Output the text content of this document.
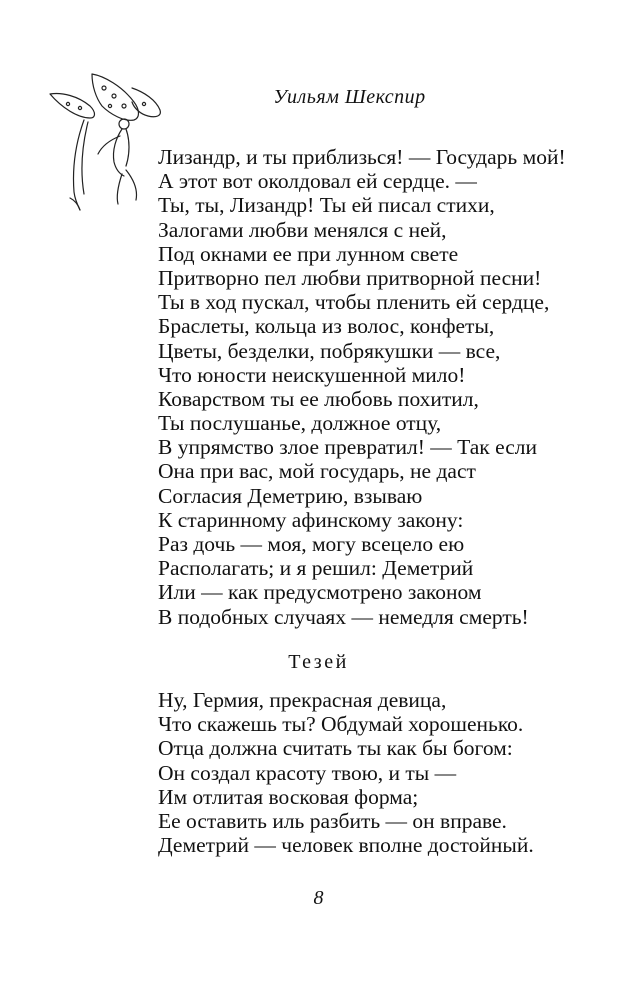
Уильям Шекспир
Лизандр, и ты приблизься! — Государь мой!
А этот вот околдовал ей сердце. —
Ты, ты, Лизандр! Ты ей писал стихи,
Залогами любви менялся с ней,
Под окнами ее при лунном свете
Притворно пел любви притворной песни!
Ты в ход пускал, чтобы пленить ей сердце,
Браслеты, кольца из волос, конфеты,
Цветы, безделки, побрякушки — все,
Что юности неискушенной мило!
Коварством ты ее любовь похитил,
Ты послушанье, должное отцу,
В упрямство злое превратил! — Так если
Она при вас, мой государь, не даст
Согласия Деметрию, взываю
К старинному афинскому закону:
Раз дочь — моя, могу всецело ею
Располагать; и я решил: Деметрий
Или — как предусмотрено законом
В подобных случаях — немедля смерть!
Тезей
Ну, Гермия, прекрасная девица,
Что скажешь ты? Обдумай хорошенько.
Отца должна считать ты как бы богом:
Он создал красоту твою, и ты —
Им отлитая восковая форма;
Ее оставить иль разбить — он вправе.
Деметрий — человек вполне достойный.
8
